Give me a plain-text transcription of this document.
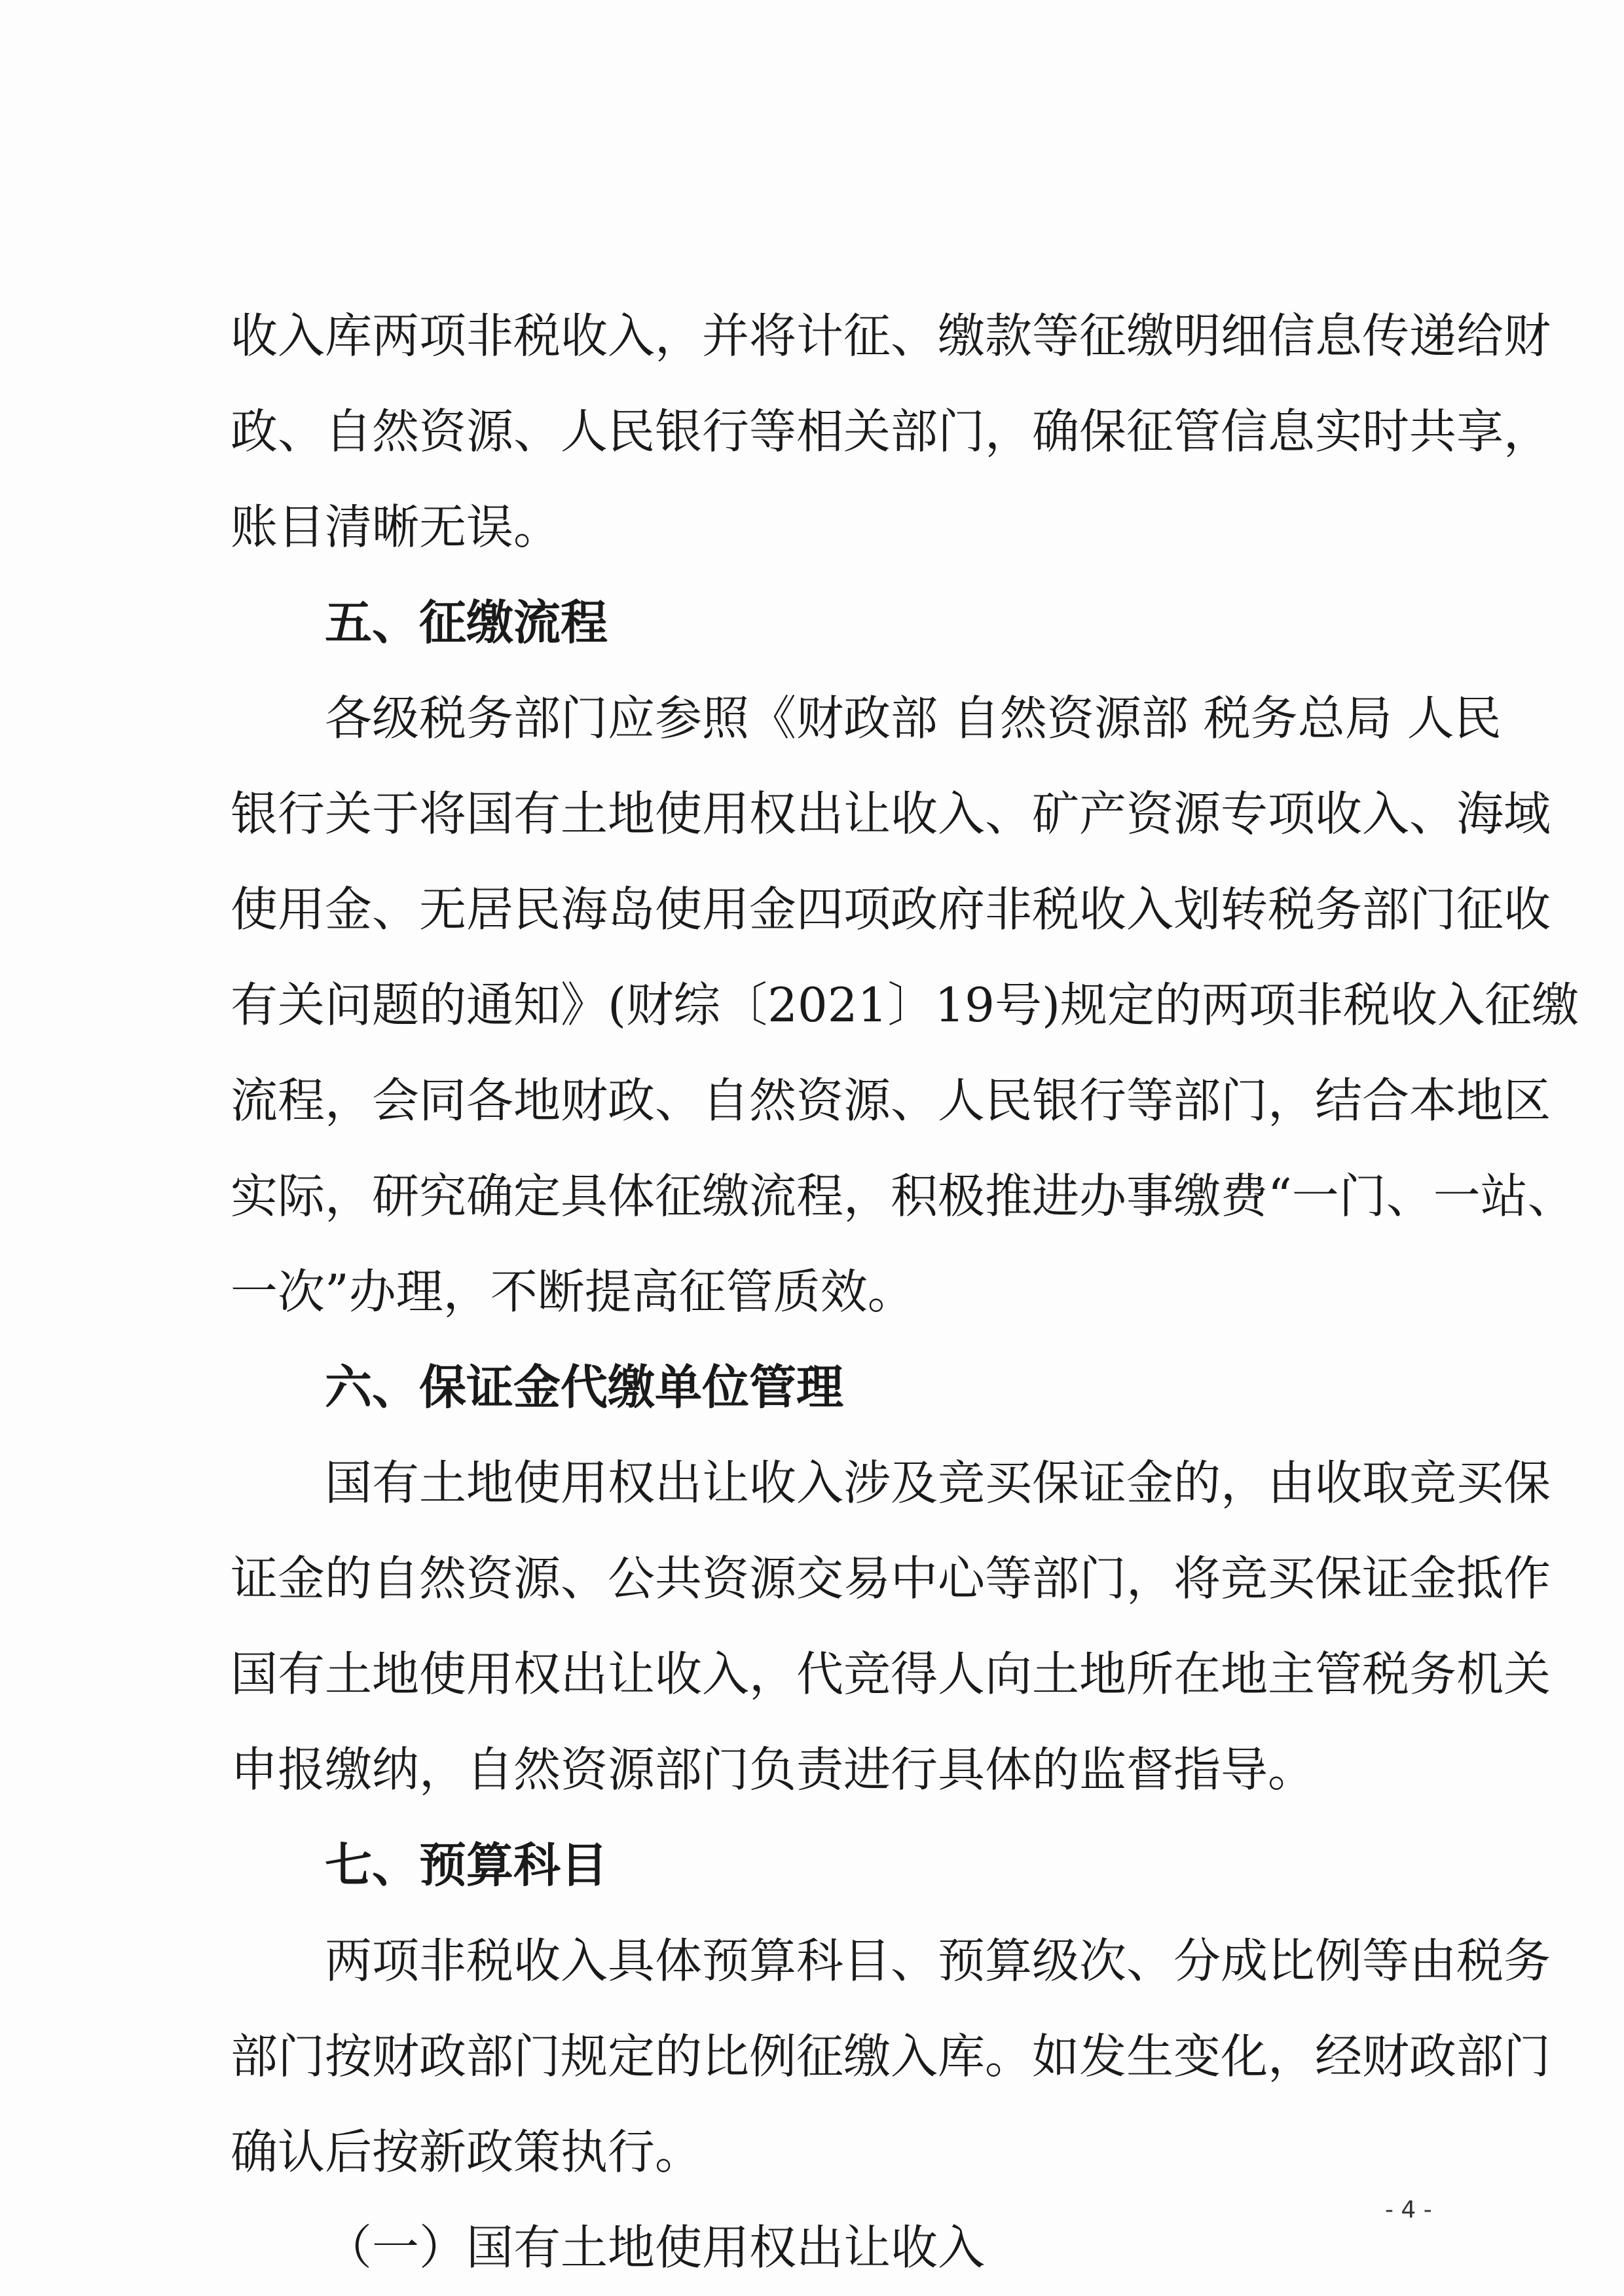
收入库两项非税收入，并将计征、缴款等征缴明细信息传递给财
政、自然资源、人民银行等相关部门，确保征管信息实时共享，
账目清晰无误。
五、征缴流程
各级税务部门应参照《财政部 自然资源部 税务总局 人民
银行关于将国有土地使用权出让收入、矿产资源专项收入、海域
使用金、无居民海岛使用金四项政府非税收入划转税务部门征收
有关问题的通知》(财综〔2021〕19号)规定的两项非税收入征缴
流程，会同各地财政、自然资源、人民银行等部门，结合本地区
实际，研究确定具体征缴流程，积极推进办事缴费“一门、一站、
一次”办理，不断提高征管质效。
六、保证金代缴单位管理
国有土地使用权出让收入涉及竞买保证金的，由收取竞买保
证金的自然资源、公共资源交易中心等部门，将竞买保证金抵作
国有土地使用权出让收入，代竞得人向土地所在地主管税务机关
申报缴纳，自然资源部门负责进行具体的监督指导。
七、预算科目
两项非税收入具体预算科目、预算级次、分成比例等由税务
部门按财政部门规定的比例征缴入库。如发生变化，经财政部门
确认后按新政策执行。
（一）国有土地使用权出让收入
- 4 -
